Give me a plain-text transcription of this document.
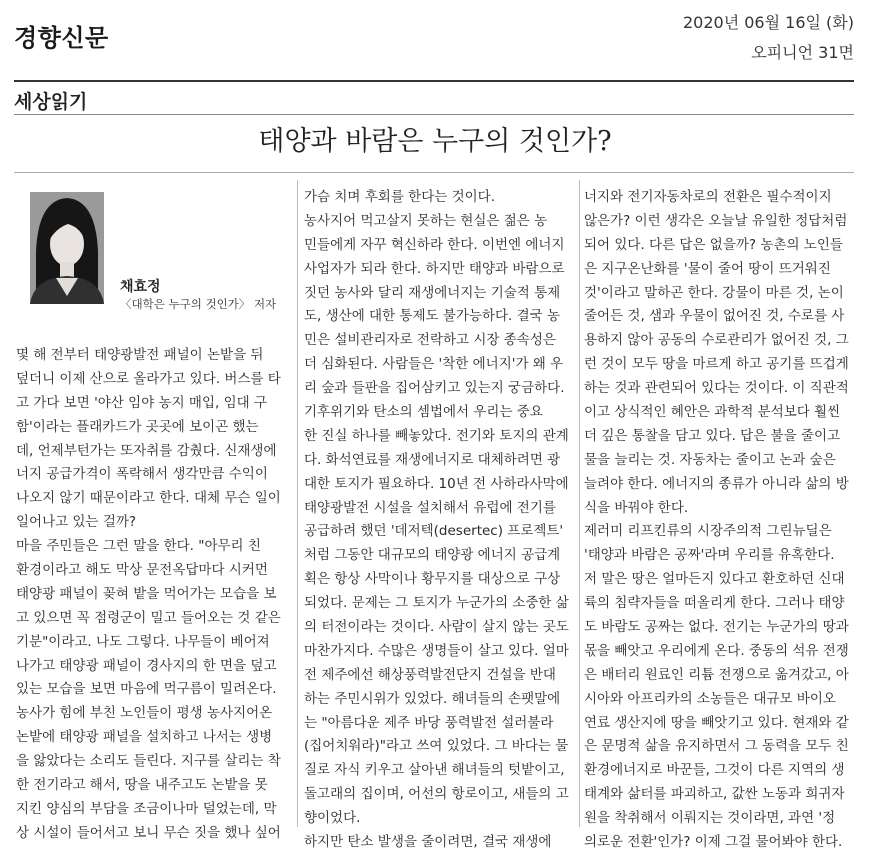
경향신문
2020년 06월 16일 (화)
오피니언 31면
세상읽기
태양과 바람은 누구의 것인가?
채효정
〈대학은 누구의 것인가〉 저자
몇 해 전부터 태양광발전 패널이 논밭을 뒤
덮더니 이제 산으로 올라가고 있다. 버스를 타
고 가다 보면 '야산 임야 농지 매입, 임대 구
함'이라는 플래카드가 곳곳에 보이곤 했는
데, 언제부턴가는 또자취를 감췄다. 신재생에
너지 공급가격이 폭락해서 생각만큼 수익이
나오지 않기 때문이라고 한다. 대체 무슨 일이
일어나고 있는 걸까?
마을 주민들은 그런 말을 한다. "아무리 친
환경이라고 해도 막상 문전옥답마다 시커먼
태양광 패널이 꽂혀 밭을 먹어가는 모습을 보
고 있으면 꼭 점령군이 밀고 들어오는 것 같은
기분"이라고. 나도 그렇다. 나무들이 베어져
나가고 태양광 패널이 경사지의 한 면을 덮고
있는 모습을 보면 마음에 먹구름이 밀려온다.
농사가 힘에 부친 노인들이 평생 농사지어온
논밭에 태양광 패널을 설치하고 나서는 생병
을 앓았다는 소리도 들린다. 지구를 살리는 착
한 전기라고 해서, 땅을 내주고도 논밭을 못
지킨 양심의 부담을 조금이나마 덜었는데, 막
상 시설이 들어서고 보니 무슨 짓을 했나 싶어
가슴 치며 후회를 한다는 것이다.
농사지어 먹고살지 못하는 현실은 젊은 농
민들에게 자꾸 혁신하라 한다. 이번엔 에너지
사업자가 되라 한다. 하지만 태양과 바람으로
짓던 농사와 달리 재생에너지는 기술적 통제
도, 생산에 대한 통제도 불가능하다. 결국 농
민은 설비관리자로 전락하고 시장 종속성은
더 심화된다. 사람들은 '착한 에너지'가 왜 우
리 숲과 들판을 집어삼키고 있는지 궁금하다.
기후위기와 탄소의 셈법에서 우리는 중요
한 진실 하나를 빼놓았다. 전기와 토지의 관계
다. 화석연료를 재생에너지로 대체하려면 광
대한 토지가 필요하다. 10년 전 사하라사막에
태양광발전 시설을 설치해서 유럽에 전기를
공급하려 했던 '데저텍(desertec) 프로젝트'
처럼 그동안 대규모의 태양광 에너지 공급계
획은 항상 사막이나 황무지를 대상으로 구상
되었다. 문제는 그 토지가 누군가의 소중한 삶
의 터전이라는 것이다. 사람이 살지 않는 곳도
마찬가지다. 수많은 생명들이 살고 있다. 얼마
전 제주에선 해상풍력발전단지 건설을 반대
하는 주민시위가 있었다. 해녀들의 손팻말에
는 "아름다운 제주 바당 풍력발전 설러불라
(집어치워라)"라고 쓰여 있었다. 그 바다는 물
질로 자식 키우고 살아낸 해녀들의 텃밭이고,
돌고래의 집이며, 어선의 항로이고, 새들의 고
향이었다.
하지만 탄소 발생을 줄이려면, 결국 재생에
너지와 전기자동차로의 전환은 필수적이지
않은가? 이런 생각은 오늘날 유일한 정답처럼
되어 있다. 다른 답은 없을까? 농촌의 노인들
은 지구온난화를 '물이 줄어 땅이 뜨거워진
것'이라고 말하곤 한다. 강물이 마른 것, 논이
줄어든 것, 샘과 우물이 없어진 것, 수로를 사
용하지 않아 공동의 수로관리가 없어진 것, 그
런 것이 모두 땅을 마르게 하고 공기를 뜨겁게
하는 것과 관련되어 있다는 것이다. 이 직관적
이고 상식적인 혜안은 과학적 분석보다 훨씬
더 깊은 통찰을 담고 있다. 답은 불을 줄이고
물을 늘리는 것. 자동차는 줄이고 논과 숲은
늘려야 한다. 에너지의 종류가 아니라 삶의 방
식을 바꿔야 한다.
제러미 리프킨류의 시장주의적 그린뉴딜은
'태양과 바람은 공짜'라며 우리를 유혹한다.
저 말은 땅은 얼마든지 있다고 환호하던 신대
륙의 침략자들을 떠올리게 한다. 그러나 태양
도 바람도 공짜는 없다. 전기는 누군가의 땅과
몫을 빼앗고 우리에게 온다. 중동의 석유 전쟁
은 배터리 원료인 리튬 전쟁으로 옮겨갔고, 아
시아와 아프리카의 소농들은 대규모 바이오
연료 생산지에 땅을 빼앗기고 있다. 현재와 같
은 문명적 삶을 유지하면서 그 동력을 모두 친
환경에너지로 바꾼들, 그것이 다른 지역의 생
태계와 삶터를 파괴하고, 값싼 노동과 희귀자
원을 착취해서 이뤄지는 것이라면, 과연 '정
의로운 전환'인가? 이제 그걸 물어봐야 한다.
